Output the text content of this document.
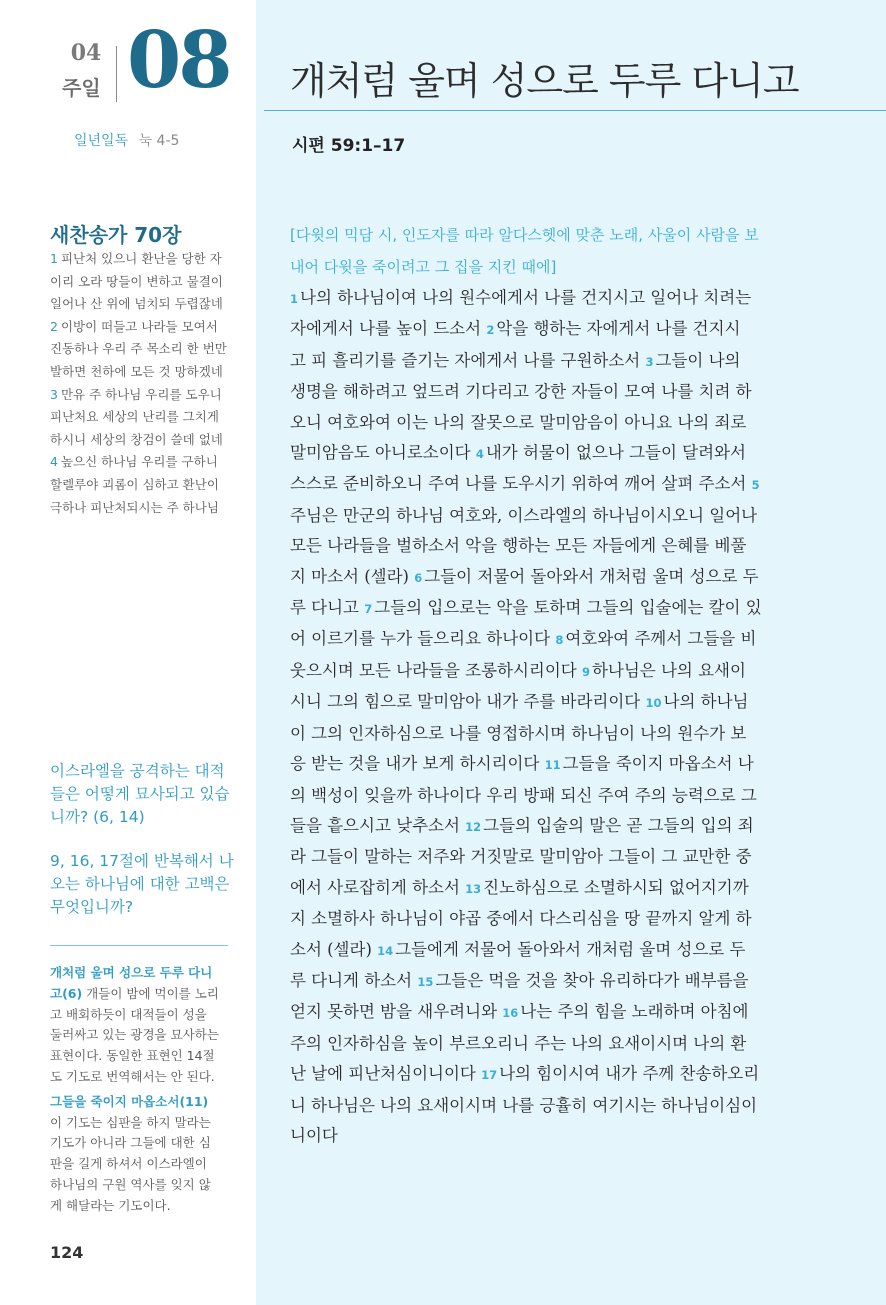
04
주일 08
일년일독 눅 4-5
새찬송가 70장
1 피난처 있으니 환난을 당한 자
이리 오라 땅들이 변하고 물결이
일어나 산 위에 넘치되 두렵잖네
2 이방이 떠들고 나라들 모여서
진동하나 우리 주 목소리 한 번만
발하면 천하에 모든 것 망하겠네
3 만유 주 하나님 우리를 도우니
피난처요 세상의 난리를 그치게
하시니 세상의 창검이 쓸데 없네
4 높으신 하나님 우리를 구하니
할렐루야 괴롬이 심하고 환난이
극하나 피난처되시는 주 하나님
이스라엘을 공격하는 대적
들은 어떻게 묘사되고 있습
니까? (6, 14)
9, 16, 17절에 반복해서 나
오는 하나님에 대한 고백은
무엇입니까?
개처럼 울며 성으로 두루 다니
고(6) 개들이 밤에 먹이를 노리
고 배회하듯이 대적들이 성을
둘러싸고 있는 광경을 묘사하는
표현이다. 동일한 표현인 14절
도 기도로 번역해서는 안 된다.
그들을 죽이지 마옵소서(11)
이 기도는 심판을 하지 말라는
기도가 아니라 그들에 대한 심
판을 길게 하셔서 이스라엘이
하나님의 구원 역사를 잊지 않
게 해달라는 기도이다.
124
개처럼 울며 성으로 두루 다니고
시편 59:1–17
[다윗의 믹담 시, 인도자를 따라 알다스헷에 맞춘 노래, 사울이 사람을 보
내어 다윗을 죽이려고 그 집을 지킨 때에]
1 나의 하나님이여 나의 원수에게서 나를 건지시고 일어나 치려는
자에게서 나를 높이 드소서 2 악을 행하는 자에게서 나를 건지시
고 피 흘리기를 즐기는 자에게서 나를 구원하소서 3 그들이 나의
생명을 해하려고 엎드려 기다리고 강한 자들이 모여 나를 치려 하
오니 여호와여 이는 나의 잘못으로 말미암음이 아니요 나의 죄로
말미암음도 아니로소이다 4 내가 허물이 없으나 그들이 달려와서
스스로 준비하오니 주여 나를 도우시기 위하여 깨어 살펴 주소서 5
주님은 만군의 하나님 여호와, 이스라엘의 하나님이시오니 일어나
모든 나라들을 벌하소서 악을 행하는 모든 자들에게 은혜를 베풀
지 마소서 (셀라) 6 그들이 저물어 돌아와서 개처럼 울며 성으로 두
루 다니고 7 그들의 입으로는 악을 토하며 그들의 입술에는 칼이 있
어 이르기를 누가 들으리요 하나이다 8 여호와여 주께서 그들을 비
웃으시며 모든 나라들을 조롱하시리이다 9 하나님은 나의 요새이
시니 그의 힘으로 말미암아 내가 주를 바라리이다 10 나의 하나님
이 그의 인자하심으로 나를 영접하시며 하나님이 나의 원수가 보
응 받는 것을 내가 보게 하시리이다 11 그들을 죽이지 마옵소서 나
의 백성이 잊을까 하나이다 우리 방패 되신 주여 주의 능력으로 그
들을 흩으시고 낮추소서 12 그들의 입술의 말은 곧 그들의 입의 죄
라 그들이 말하는 저주와 거짓말로 말미암아 그들이 그 교만한 중
에서 사로잡히게 하소서 13 진노하심으로 소멸하시되 없어지기까
지 소멸하사 하나님이 야곱 중에서 다스리심을 땅 끝까지 알게 하
소서 (셀라) 14 그들에게 저물어 돌아와서 개처럼 울며 성으로 두
루 다니게 하소서 15 그들은 먹을 것을 찾아 유리하다가 배부름을
얻지 못하면 밤을 새우려니와 16 나는 주의 힘을 노래하며 아침에
주의 인자하심을 높이 부르오리니 주는 나의 요새이시며 나의 환
난 날에 피난처심이니이다 17 나의 힘이시여 내가 주께 찬송하오리
니 하나님은 나의 요새이시며 나를 긍휼히 여기시는 하나님이심이
니이다
